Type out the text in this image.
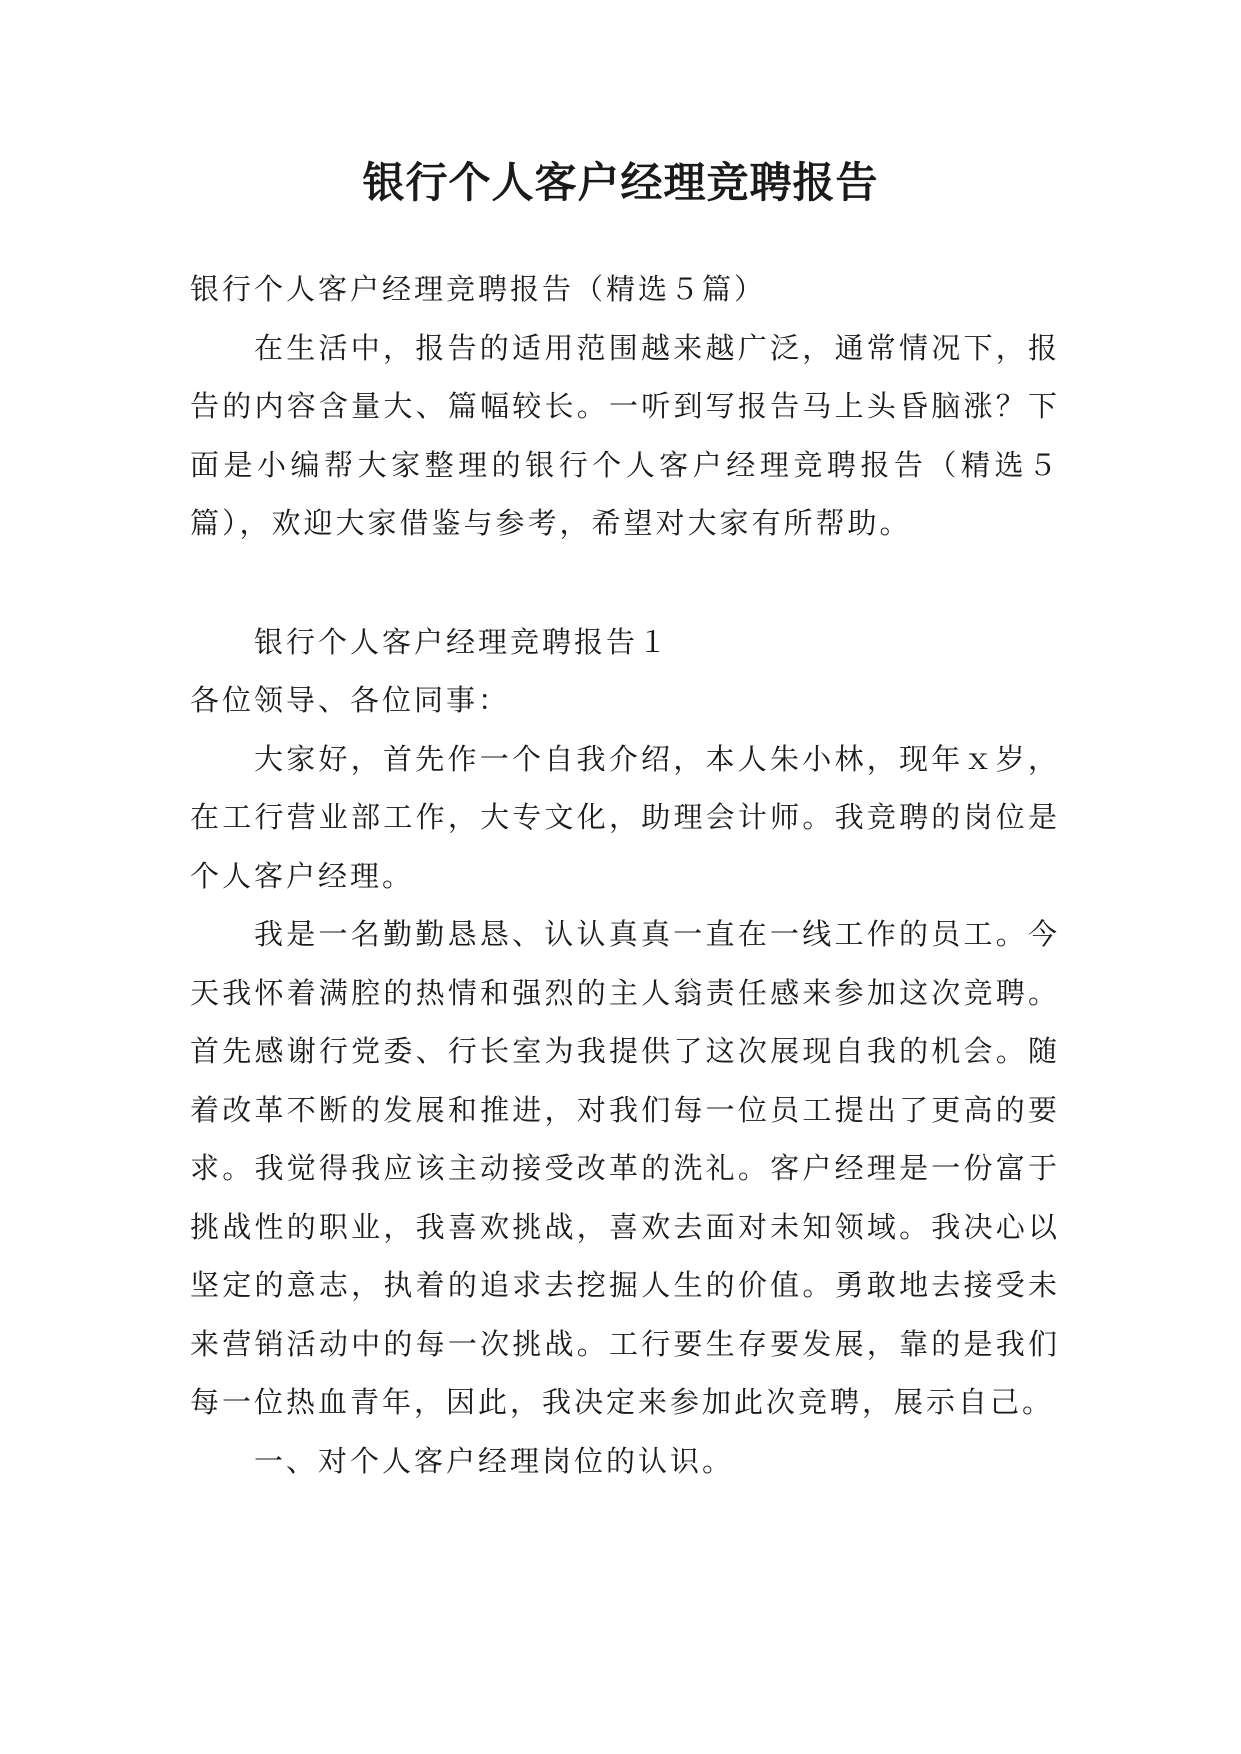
银行个人客户经理竞聘报告

银行个人客户经理竞聘报告（精选５篇）

在生活中，报告的适用范围越来越广泛，通常情况下，报告的内容含量大、篇幅较长。一听到写报告马上头昏脑涨？下面是小编帮大家整理的银行个人客户经理竞聘报告（精选５篇），欢迎大家借鉴与参考，希望对大家有所帮助。

银行个人客户经理竞聘报告１

各位领导、各位同事：

大家好，首先作一个自我介绍，本人朱小林，现年ｘ岁，在工行营业部工作，大专文化，助理会计师。我竞聘的岗位是个人客户经理。

我是一名勤勤恳恳、认认真真一直在一线工作的员工。今天我怀着满腔的热情和强烈的主人翁责任感来参加这次竞聘。首先感谢行党委、行长室为我提供了这次展现自我的机会。随着改革不断的发展和推进，对我们每一位员工提出了更高的要求。我觉得我应该主动接受改革的洗礼。客户经理是一份富于挑战性的职业，我喜欢挑战，喜欢去面对未知领域。我决心以坚定的意志，执着的追求去挖掘人生的价值。勇敢地去接受未来营销活动中的每一次挑战。工行要生存要发展，靠的是我们每一位热血青年，因此，我决定来参加此次竞聘，展示自己。

一、对个人客户经理岗位的认识。
